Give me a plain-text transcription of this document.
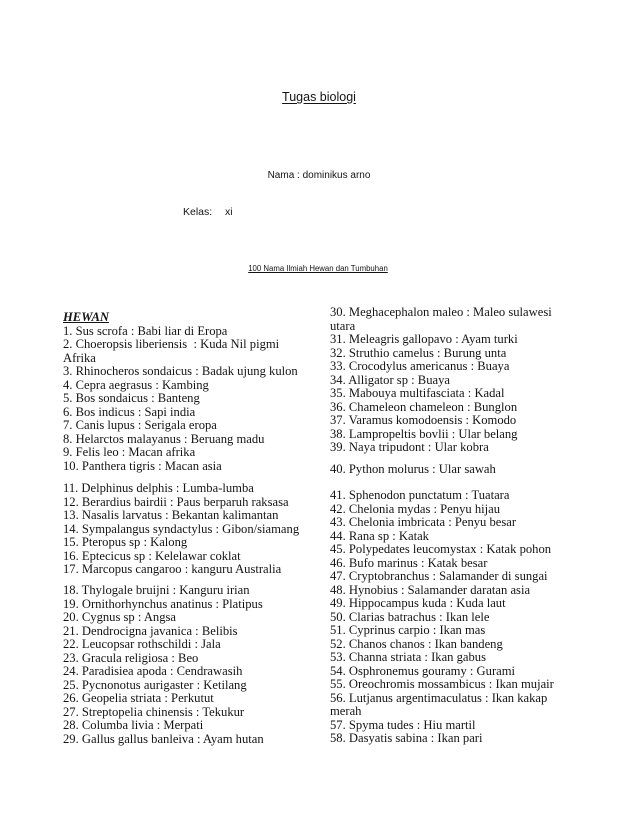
Tugas biologi
Nama : dominikus arno
Kelas: xi
100 Nama Ilmiah Hewan dan Tumbuhan
HEWAN
1. Sus scrofa : Babi liar di Eropa
2. Choeropsis liberiensis  : Kuda Nil pigmi
Afrika
3. Rhinocheros sondaicus : Badak ujung kulon
4. Cepra aegrasus : Kambing
5. Bos sondaicus : Banteng
6. Bos indicus : Sapi india
7. Canis lupus : Serigala eropa
8. Helarctos malayanus : Beruang madu
9. Felis leo : Macan afrika
10. Panthera tigris : Macan asia
11. Delphinus delphis : Lumba-lumba
12. Berardius bairdii : Paus berparuh raksasa
13. Nasalis larvatus : Bekantan kalimantan
14. Sympalangus syndactylus : Gibon/siamang
15. Pteropus sp : Kalong
16. Eptecicus sp : Kelelawar coklat
17. Marcopus cangaroo : kanguru Australia
18. Thylogale bruijni : Kanguru irian
19. Ornithorhynchus anatinus : Platipus
20. Cygnus sp : Angsa
21. Dendrocigna javanica : Belibis
22. Leucopsar rothschildi : Jala
23. Gracula religiosa : Beo
24. Paradisiea apoda : Cendrawasih
25. Pycnonotus aurigaster : Ketilang
26. Geopelia striata : Perkutut
27. Streptopelia chinensis : Tekukur
28. Columba livia : Merpati
29. Gallus gallus banleiva : Ayam hutan
30. Meghacephalon maleo : Maleo sulawesi
utara
31. Meleagris gallopavo : Ayam turki
32. Struthio camelus : Burung unta
33. Crocodylus americanus : Buaya
34. Alligator sp : Buaya
35. Mabouya multifasciata : Kadal
36. Chameleon chameleon : Bunglon
37. Varamus komodoensis : Komodo
38. Lampropeltis bovlii : Ular belang
39. Naya tripudont : Ular kobra
40. Python molurus : Ular sawah
41. Sphenodon punctatum : Tuatara
42. Chelonia mydas : Penyu hijau
43. Chelonia imbricata : Penyu besar
44. Rana sp : Katak
45. Polypedates leucomystax : Katak pohon
46. Bufo marinus : Katak besar
47. Cryptobranchus : Salamander di sungai
48. Hynobius : Salamander daratan asia
49. Hippocampus kuda : Kuda laut
50. Clarias batrachus : Ikan lele
51. Cyprinus carpio : Ikan mas
52. Chanos chanos : Ikan bandeng
53. Channa striata : Ikan gabus
54. Osphronemus gouramy : Gurami
55. Oreochromis mossambicus : Ikan mujair
56. Lutjanus argentimaculatus : Ikan kakap
merah
57. Spyma tudes : Hiu martil
58. Dasyatis sabina : Ikan pari
